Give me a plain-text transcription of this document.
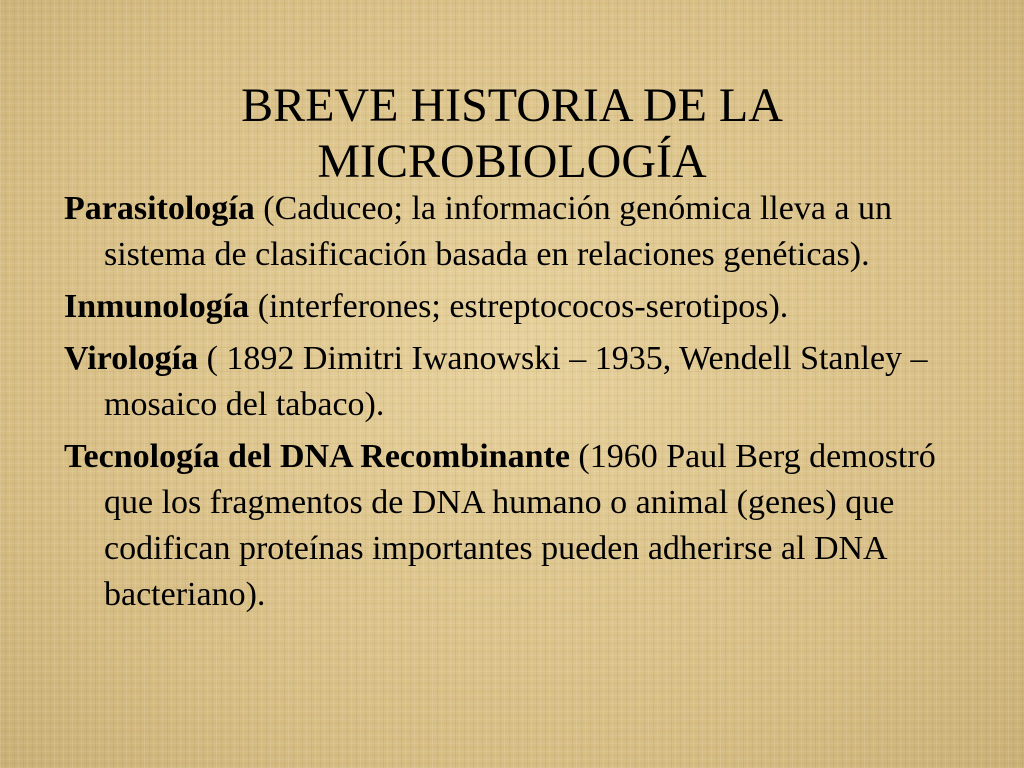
BREVE HISTORIA DE LA
MICROBIOLOGÍA

Parasitología (Caduceo; la información genómica lleva a un sistema de clasificación basada en relaciones genéticas).

Inmunología (interferones; estreptococos-serotipos).

Virología ( 1892 Dimitri Iwanowski – 1935, Wendell Stanley – mosaico del tabaco).

Tecnología del DNA Recombinante (1960 Paul Berg demostró que los fragmentos de DNA humano o animal (genes) que codifican proteínas importantes pueden adherirse al DNA bacteriano).
